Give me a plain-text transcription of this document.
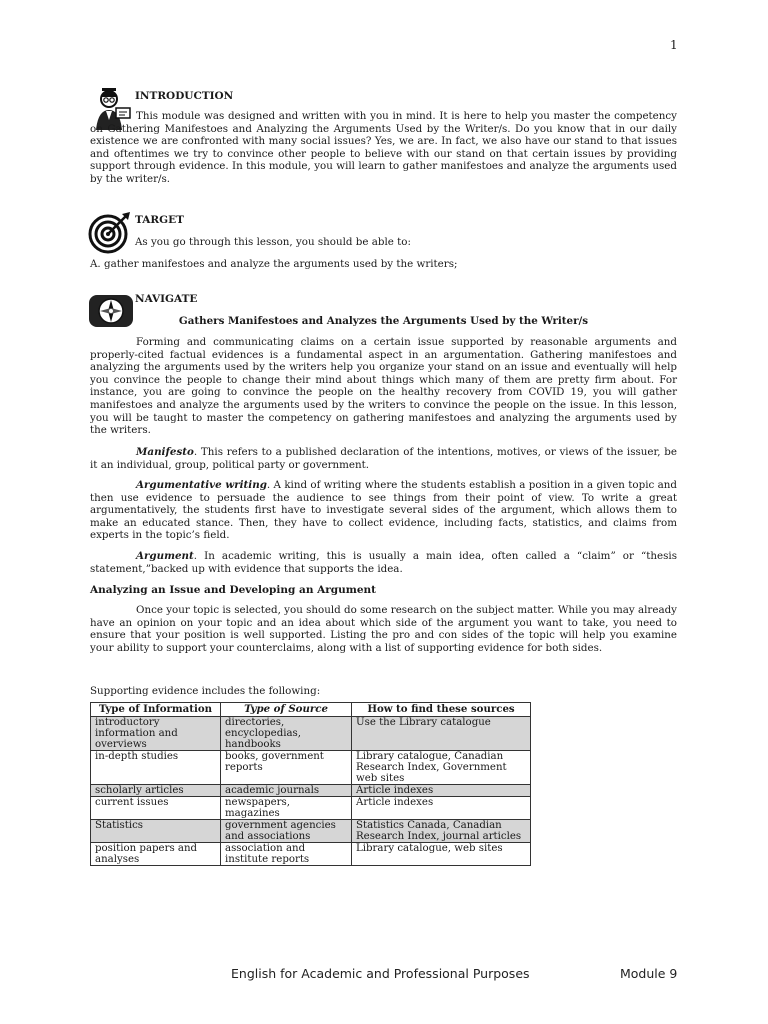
1
INTRODUCTION
This module was designed and written with you in mind. It is here to help you master the competency on Gathering Manifestoes and Analyzing the Arguments Used by the Writer/s. Do you know that in our daily existence we are confronted with many social issues? Yes, we are. In fact, we also have our stand to that issues and oftentimes we try to convince other people to believe with our stand on that certain issues by providing support through evidence. In this module, you will learn to gather manifestoes and analyze the arguments used by the writer/s.
TARGET
As you go through this lesson, you should be able to:
A. gather manifestoes and analyze the arguments used by the writers;
NAVIGATE
Gathers Manifestoes and Analyzes the Arguments Used by the Writer/s
Forming and communicating claims on a certain issue supported by reasonable arguments and properly-cited factual evidences is a fundamental aspect in an argumentation. Gathering manifestoes and analyzing the arguments used by the writers help you organize your stand on an issue and eventually will help you convince the people to change their mind about things which many of them are pretty firm about. For instance, you are going to convince the people on the healthy recovery from COVID 19, you will gather manifestoes and analyze the arguments used by the writers to convince the people on the issue. In this lesson, you will be taught to master the competency on gathering manifestoes and analyzing the arguments used by the writers.
Manifesto. This refers to a published declaration of the intentions, motives, or views of the issuer, be it an individual, group, political party or government.
Argumentative writing. A kind of writing where the students establish a position in a given topic and then use evidence to persuade the audience to see things from their point of view. To write a great argumentatively, the students first have to investigate several sides of the argument, which allows them to make an educated stance. Then, they have to collect evidence, including facts, statistics, and claims from experts in the topic’s field.
Argument. In academic writing, this is usually a main idea, often called a “claim” or “thesis statement,”backed up with evidence that supports the idea.
Analyzing an Issue and Developing an Argument
Once your topic is selected, you should do some research on the subject matter. While you may already have an opinion on your topic and an idea about which side of the argument you want to take, you need to ensure that your position is well supported. Listing the pro and con sides of the topic will help you examine your ability to support your counterclaims, along with a list of supporting evidence for both sides.
Supporting evidence includes the following:
Type of Information	Type of Source	How to find these sources
introductory information and overviews	directories, encyclopedias, handbooks	Use the Library catalogue
in-depth studies	books, government reports	Library catalogue, Canadian Research Index, Government web sites
scholarly articles	academic journals	Article indexes
current issues	newspapers, magazines	Article indexes
Statistics	government agencies and associations	Statistics Canada, Canadian Research Index, journal articles
position papers and analyses	association and institute reports	Library catalogue, web sites
English for Academic and Professional Purposes	Module 9
